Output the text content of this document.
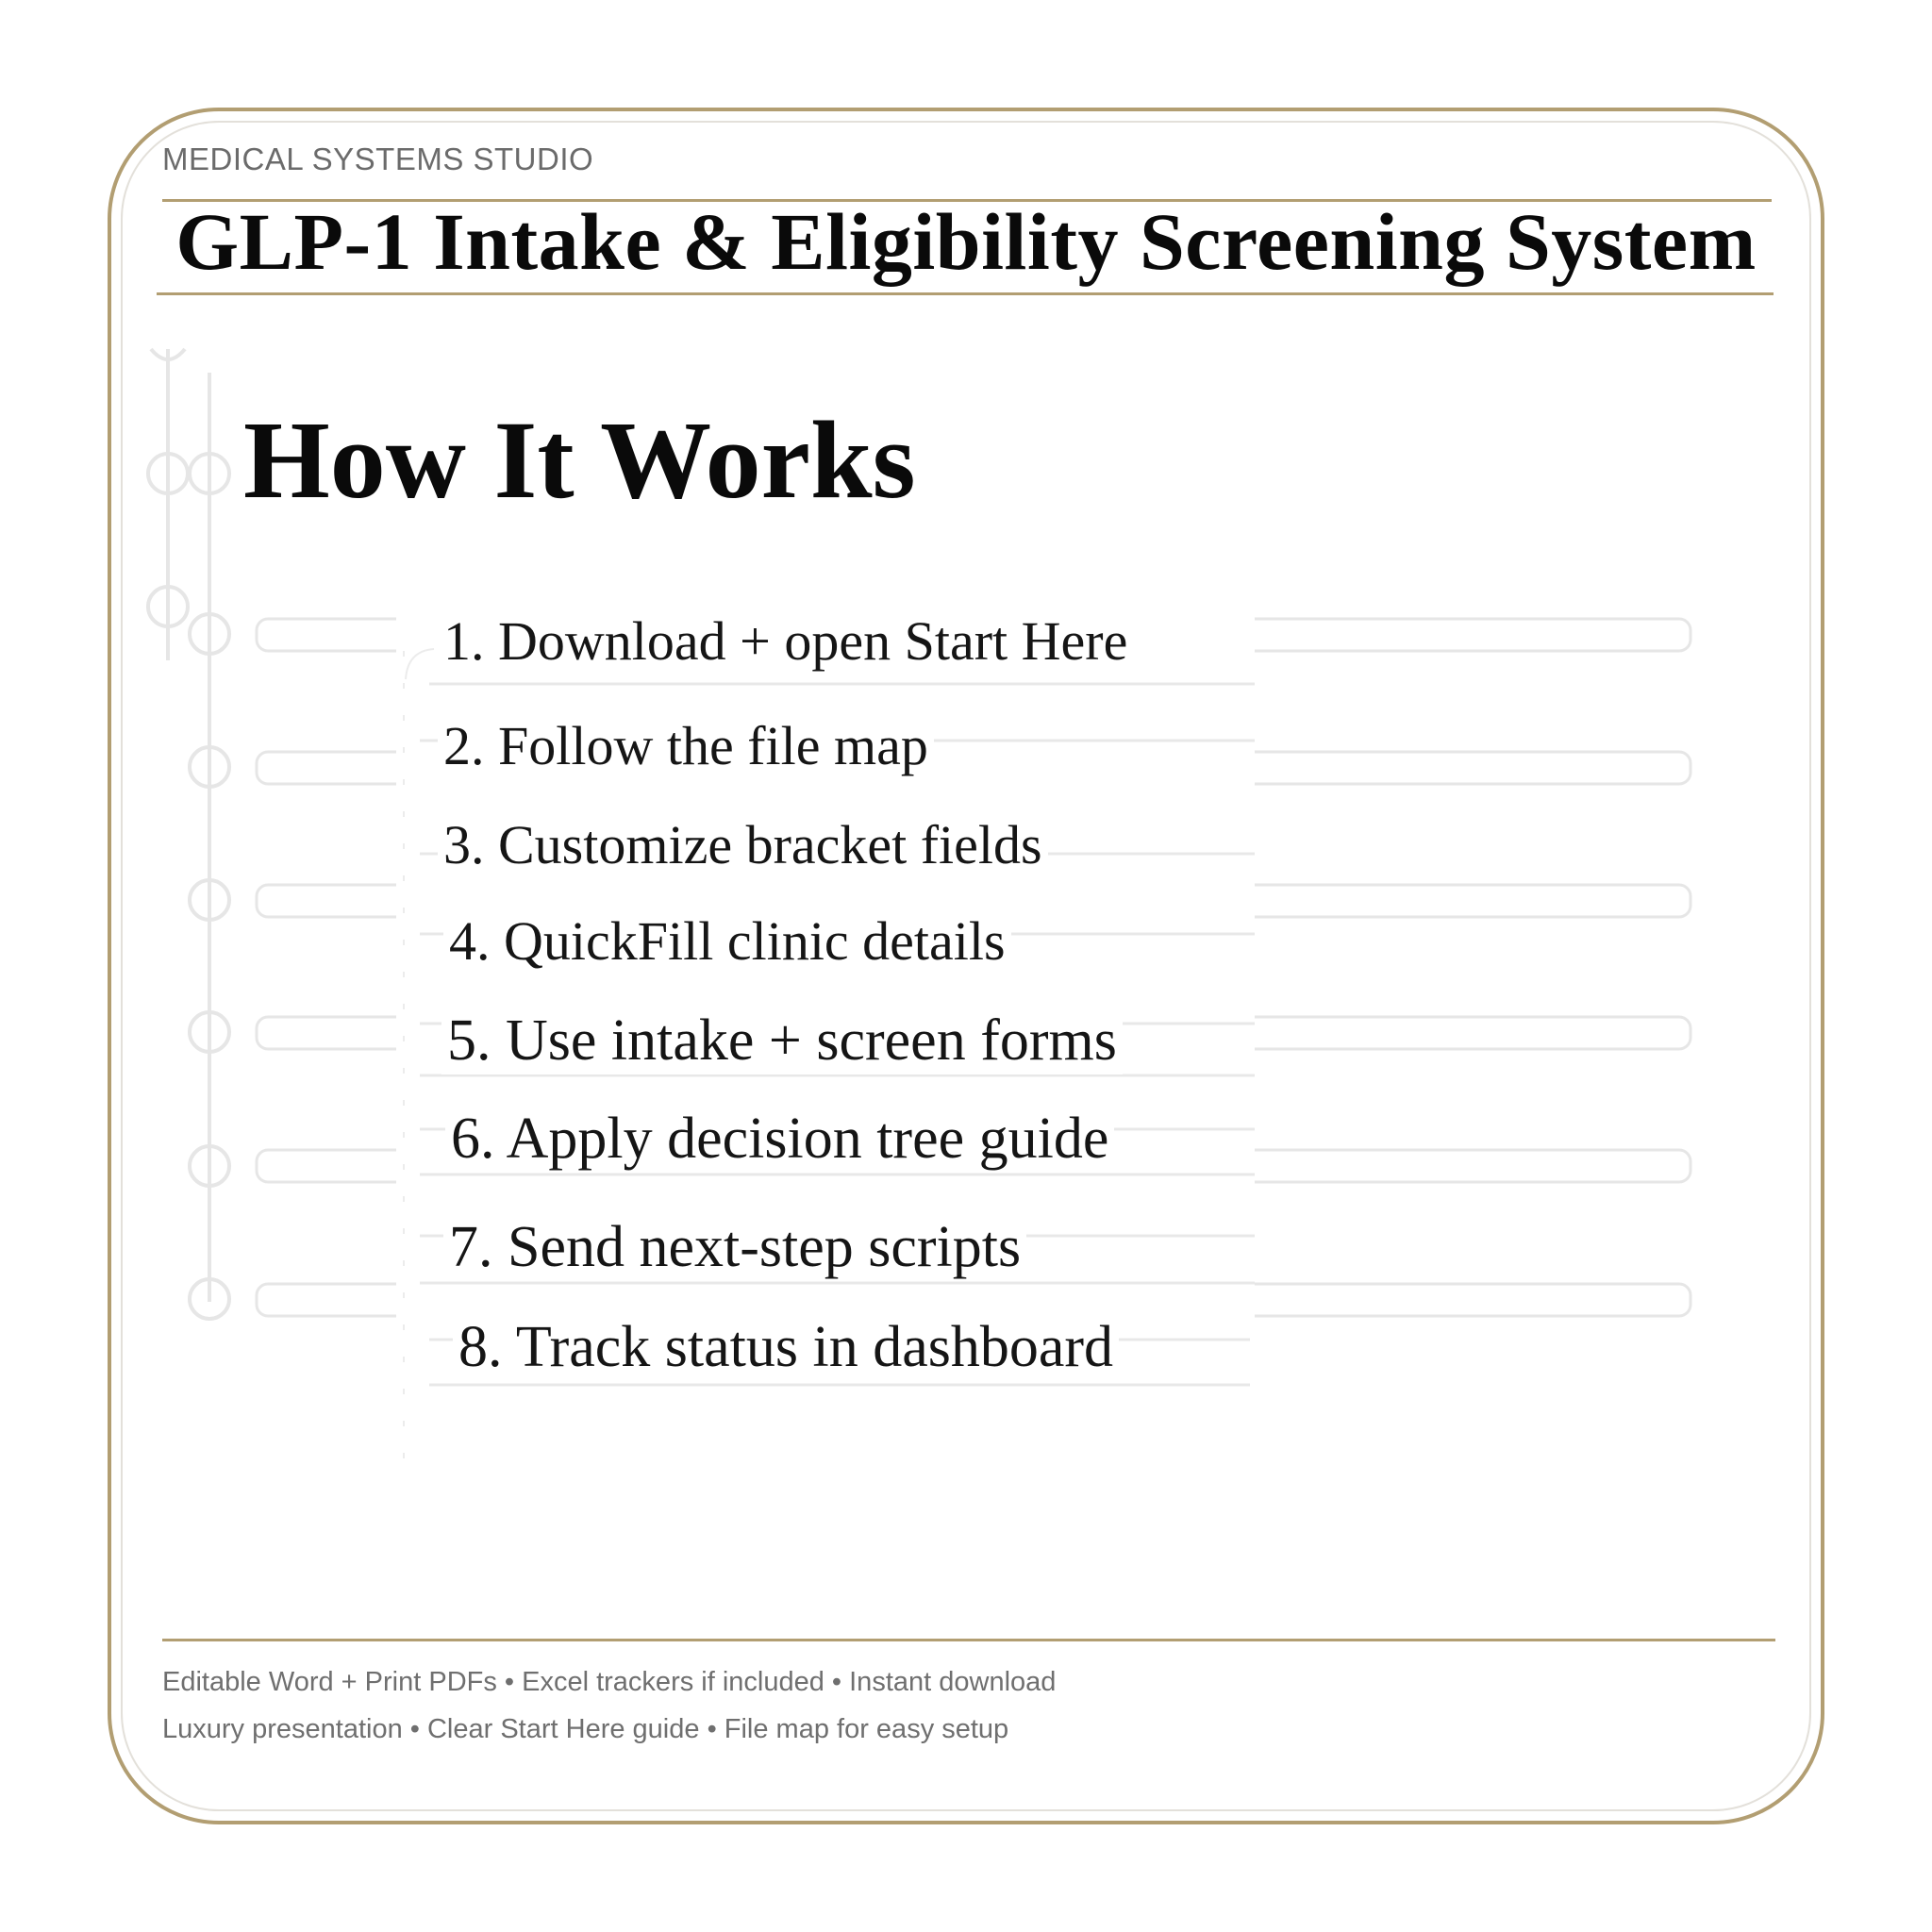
MEDICAL SYSTEMS STUDIO
GLP-1 Intake & Eligibility Screening System
How It Works
1. Download + open Start Here
2. Follow the file map
3. Customize bracket fields
4. QuickFill clinic details
5. Use intake + screen forms
6. Apply decision tree guide
7. Send next-step scripts
8. Track status in dashboard
Editable Word + Print PDFs • Excel trackers if included • Instant download
Luxury presentation • Clear Start Here guide • File map for easy setup
